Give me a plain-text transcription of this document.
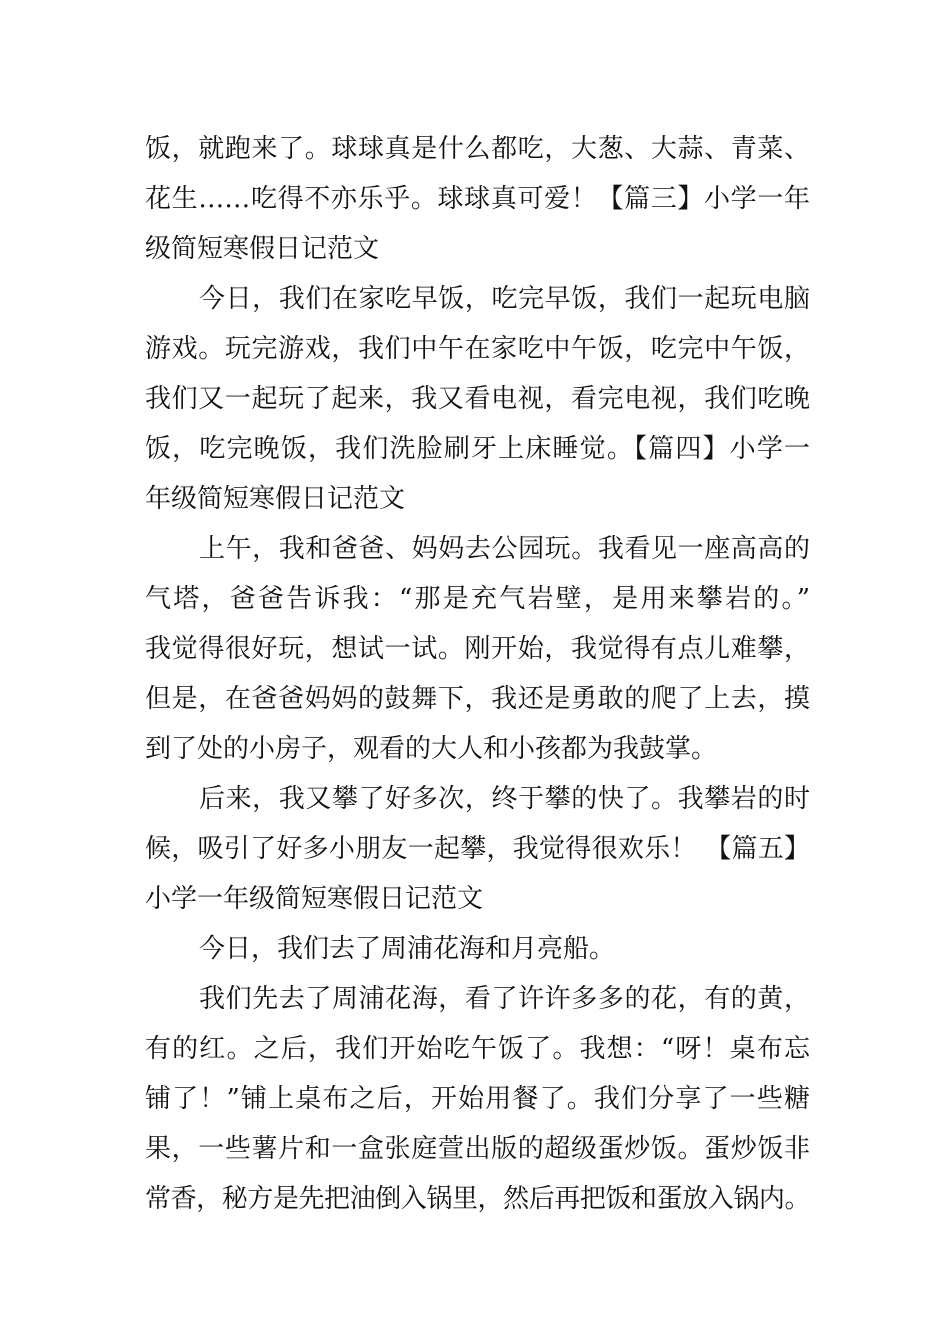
饭，就跑来了。球球真是什么都吃，大葱、大蒜、青菜、
花生……吃得不亦乐乎。球球真可爱！【篇三】小学一年
级简短寒假日记范文
今日，我们在家吃早饭，吃完早饭，我们一起玩电脑
游戏。玩完游戏，我们中午在家吃中午饭，吃完中午饭，
我们又一起玩了起来，我又看电视，看完电视，我们吃晚
饭，吃完晚饭，我们洗脸刷牙上床睡觉。【篇四】小学一
年级简短寒假日记范文
上午，我和爸爸、妈妈去公园玩。我看见一座高高的
气塔，爸爸告诉我：“那是充气岩壁，是用来攀岩的。”
我觉得很好玩，想试一试。刚开始，我觉得有点儿难攀，
但是，在爸爸妈妈的鼓舞下，我还是勇敢的爬了上去，摸
到了处的小房子，观看的大人和小孩都为我鼓掌。
后来，我又攀了好多次，终于攀的快了。我攀岩的时
候，吸引了好多小朋友一起攀，我觉得很欢乐！ 【篇五】
小学一年级简短寒假日记范文
今日，我们去了周浦花海和月亮船。
我们先去了周浦花海，看了许许多多的花，有的黄，
有的红。之后，我们开始吃午饭了。我想：“呀！桌布忘
铺了！”铺上桌布之后，开始用餐了。我们分享了一些糖
果，一些薯片和一盒张庭萱出版的超级蛋炒饭。蛋炒饭非
常香，秘方是先把油倒入锅里，然后再把饭和蛋放入锅内。
